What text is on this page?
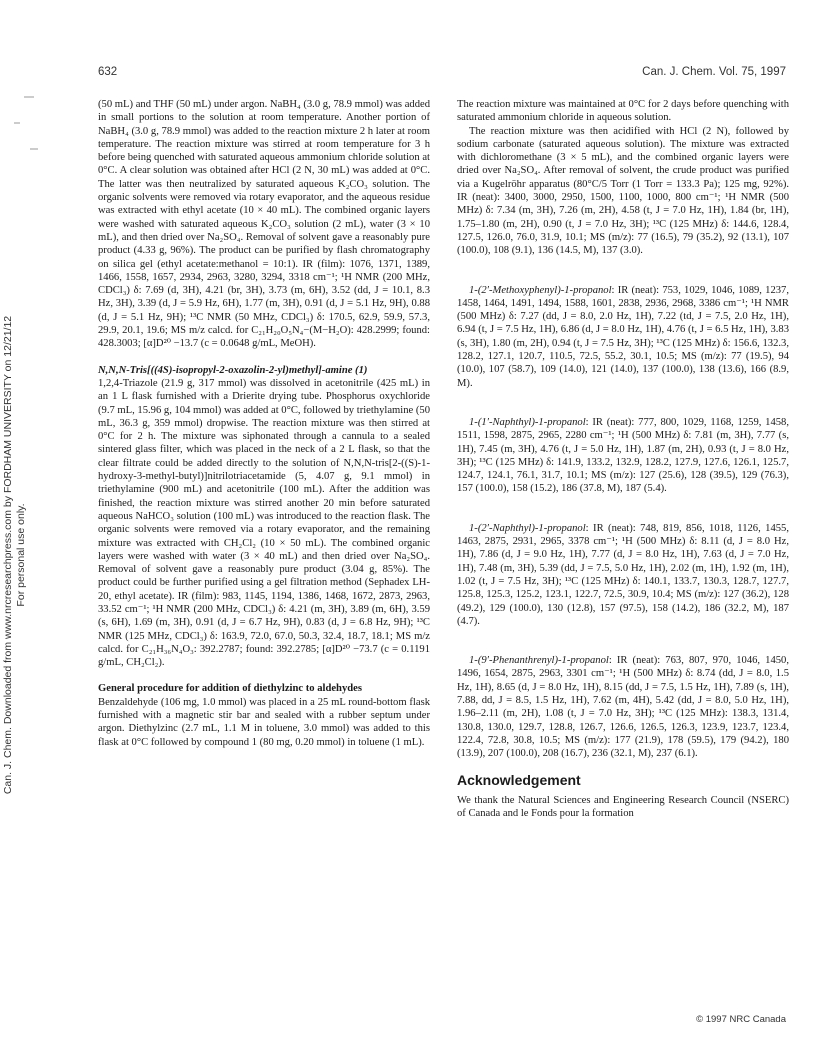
632	Can. J. Chem. Vol. 75, 1997
Can. J. Chem. Downloaded from www.nrcresearchpress.com by FORDHAM UNIVERSITY on 12/21/12 For personal use only.

(50 mL) and THF (50 mL) under argon. NaBH₄ (3.0 g, 78.9 mmol) was added in small portions to the solution at room temperature. Another portion of NaBH₄ (3.0 g, 78.9 mmol) was added to the reaction mixture 2 h later at room temperature. The reaction mixture was stirred at room temperature for 3 h before being quenched with saturated aqueous ammonium chloride solution at 0°C. A clear solution was obtained after HCl (2 N, 30 mL) was added at 0°C. The latter was then neutralized by saturated aqueous K₂CO₃ solution. The organic solvents were removed via rotary evaporator, and the aqueous residue was extracted with ethyl acetate (10 × 40 mL). The combined organic layers were washed with saturated aqueous K₂CO₃ solution (2 mL), water (3 × 10 mL), and then dried over Na₂SO₄. Removal of solvent gave a reasonably pure product (4.33 g, 96%). The product can be purified by flash chromatography on silica gel (ethyl acetate:methanol = 10:1). IR (film): 1076, 1371, 1389, 1466, 1558, 1657, 2934, 2963, 3280, 3294, 3318 cm⁻¹; ¹H NMR (200 MHz, CDCl₃) δ: 7.69 (d, 3H), 4.21 (br, 3H), 3.73 (m, 6H), 3.52 (dd, J = 10.1, 8.3 Hz, 3H), 3.39 (d, J = 5.9 Hz, 6H), 1.77 (m, 3H), 0.91 (d, J = 5.1 Hz, 9H), 0.88 (d, J = 5.1 Hz, 9H); ¹³C NMR (50 MHz, CDCl₃) δ: 170.5, 62.9, 59.9, 57.3, 29.9, 20.1, 19.6; MS m/z calcd. for C₂₁H₂₀O₅N₄−(M−H₂O): 428.2999; found: 428.3003; [α]D²⁰ −13.7 (c = 0.0648 g/mL, MeOH).

N,N,N-Tris[((4S)-isopropyl-2-oxazolin-2-yl)methyl]-amine (1)

1,2,4-Triazole (21.9 g, 317 mmol) was dissolved in acetonitrile (425 mL) in an 1 L flask furnished with a Drierite drying tube. Phosphorus oxychloride (9.7 mL, 15.96 g, 104 mmol) was added at 0°C, followed by triethylamine (50 mL, 36.3 g, 359 mmol) dropwise. The reaction mixture was then stirred at 0°C for 2 h. The mixture was siphonated through a cannula to a sealed sintered glass filter, which was placed in the neck of a 2 L flask, so that the clear filtrate could be added directly to the solution of N,N,N-tris[2-((S)-1-hydroxy-3-methyl-butyl)]nitrilotriacetamide (5, 4.07 g, 9.1 mmol) in triethylamine (900 mL) and acetonitrile (100 mL). After the addition was finished, the reaction mixture was stirred another 20 min before saturated aqueous NaHCO₃ solution (100 mL) was introduced to the reaction flask. The organic solvents were removed via a rotary evaporator, and the remaining mixture was extracted with CH₂Cl₂ (10 × 50 mL). The combined organic layers were washed with water (3 × 40 mL) and then dried over Na₂SO₄. Removal of solvent gave a reasonably pure product (3.04 g, 85%). The product could be further purified using a gel filtration method (Sephadex LH-20, ethyl acetate). IR (film): 983, 1145, 1194, 1386, 1468, 1672, 2873, 2963, 33.52 cm⁻¹; ¹H NMR (200 MHz, CDCl₃) δ: 4.21 (m, 3H), 3.89 (m, 6H), 3.59 (s, 6H), 1.69 (m, 3H), 0.91 (d, J = 6.7 Hz, 9H), 0.83 (d, J = 6.8 Hz, 9H); ¹³C NMR (125 MHz, CDCl₃) δ: 163.9, 72.0, 67.0, 50.3, 32.4, 18.7, 18.1; MS m/z calcd. for C₂₁H₃₆N₄O₃: 392.2787; found: 392.2785; [α]D²⁰ −73.7 (c = 0.1191 g/mL, CH₂Cl₂).

General procedure for addition of diethylzinc to aldehydes

Benzaldehyde (106 mg, 1.0 mmol) was placed in a 25 mL round-bottom flask furnished with a magnetic stir bar and sealed with a rubber septum under argon. Diethylzinc (2.7 mL, 1.1 M in toluene, 3.0 mmol) was added to this flask at 0°C followed by compound 1 (80 mg, 0.20 mmol) in toluene (1 mL).

The reaction mixture was maintained at 0°C for 2 days before quenching with saturated ammonium chloride in aqueous solution.

The reaction mixture was then acidified with HCl (2 N), followed by sodium carbonate (saturated aqueous solution). The mixture was extracted with dichloromethane (3 × 5 mL), and the combined organic layers were dried over Na₂SO₄. After removal of solvent, the crude product was purified via a Kugelröhr apparatus (80°C/5 Torr (1 Torr = 133.3 Pa); 125 mg, 92%). IR (neat): 3400, 3000, 2950, 1500, 1100, 1000, 800 cm⁻¹; ¹H NMR (500 MHz) δ: 7.34 (m, 3H), 7.26 (m, 2H), 4.58 (t, J = 7.0 Hz, 1H), 1.84 (br, 1H), 1.75–1.80 (m, 2H), 0.90 (t, J = 7.0 Hz, 3H); ¹³C (125 MHz) δ: 144.6, 128.4, 127.5, 126.0, 76.0, 31.9, 10.1; MS (m/z): 77 (16.5), 79 (35.2), 92 (13.1), 107 (100.0), 108 (9.1), 136 (14.5, M), 137 (3.0).

1-(2′-Methoxyphenyl)-1-propanol: IR (neat): 753, 1029, 1046, 1089, 1237, 1458, 1464, 1491, 1494, 1588, 1601, 2838, 2936, 2968, 3386 cm⁻¹; ¹H NMR (500 MHz) δ: 7.27 (dd, J = 8.0, 2.0 Hz, 1H), 7.22 (td, J = 7.5, 2.0 Hz, 1H), 6.94 (t, J = 7.5 Hz, 1H), 6.86 (d, J = 8.0 Hz, 1H), 4.76 (t, J = 6.5 Hz, 1H), 3.83 (s, 3H), 1.80 (m, 2H), 0.94 (t, J = 7.5 Hz, 3H); ¹³C (125 MHz) δ: 156.6, 132.3, 128.2, 127.1, 120.7, 110.5, 72.5, 55.2, 30.1, 10.5; MS (m/z): 77 (19.5), 94 (10.0), 107 (58.7), 109 (14.0), 121 (14.0), 137 (100.0), 138 (13.6), 166 (8.9, M).

1-(1′-Naphthyl)-1-propanol: IR (neat): 777, 800, 1029, 1168, 1259, 1458, 1511, 1598, 2875, 2965, 2280 cm⁻¹; ¹H (500 MHz) δ: 7.81 (m, 3H), 7.77 (s, 1H), 7.45 (m, 3H), 4.76 (t, J = 5.0 Hz, 1H), 1.87 (m, 2H), 0.93 (t, J = 8.0 Hz, 3H); ¹³C (125 MHz) δ: 141.9, 133.2, 132.9, 128.2, 127.9, 127.6, 126.1, 125.7, 124.7, 124.1, 76.1, 31.7, 10.1; MS (m/z): 127 (25.6), 128 (39.5), 129 (76.3), 157 (100.0), 158 (15.2), 186 (37.8, M), 187 (5.4).

1-(2′-Naphthyl)-1-propanol: IR (neat): 748, 819, 856, 1018, 1126, 1455, 1463, 2875, 2931, 2965, 3378 cm⁻¹; ¹H (500 MHz) δ: 8.11 (d, J = 8.0 Hz, 1H), 7.86 (d, J = 9.0 Hz, 1H), 7.77 (d, J = 8.0 Hz, 1H), 7.63 (d, J = 7.0 Hz, 1H), 7.48 (m, 3H), 5.39 (dd, J = 7.5, 5.0 Hz, 1H), 2.02 (m, 1H), 1.92 (m, 1H), 1.02 (t, J = 7.5 Hz, 3H); ¹³C (125 MHz) δ: 140.1, 133.7, 130.3, 128.7, 127.7, 125.8, 125.3, 125.2, 123.1, 122.7, 72.5, 30.9, 10.4; MS (m/z): 127 (36.2), 128 (49.2), 129 (100.0), 130 (12.8), 157 (97.5), 158 (14.2), 186 (32.2, M), 187 (4.7).

1-(9′-Phenanthrenyl)-1-propanol: IR (neat): 763, 807, 970, 1046, 1450, 1496, 1654, 2875, 2963, 3301 cm⁻¹; ¹H (500 MHz) δ: 8.74 (dd, J = 8.0, 1.5 Hz, 1H), 8.65 (d, J = 8.0 Hz, 1H), 8.15 (dd, J = 7.5, 1.5 Hz, 1H), 7.89 (s, 1H), 7.88, dd, J = 8.5, 1.5 Hz, 1H), 7.62 (m, 4H), 5.42 (dd, J = 8.0, 5.0 Hz, 1H), 1.96–2.11 (m, 2H), 1.08 (t, J = 7.0 Hz, 3H); ¹³C (125 MHz): 138.3, 131.4, 130.8, 130.0, 129.7, 128.8, 126.7, 126.6, 126.5, 126.3, 123.9, 123.7, 123.4, 122.4, 72.8, 30.8, 10.5; MS (m/z): 177 (21.9), 178 (59.5), 179 (94.2), 180 (13.9), 207 (100.0), 208 (16.7), 236 (32.1, M), 237 (6.1).

Acknowledgement

We thank the Natural Sciences and Engineering Research Council (NSERC) of Canada and le Fonds pour la formation

© 1997 NRC Canada
